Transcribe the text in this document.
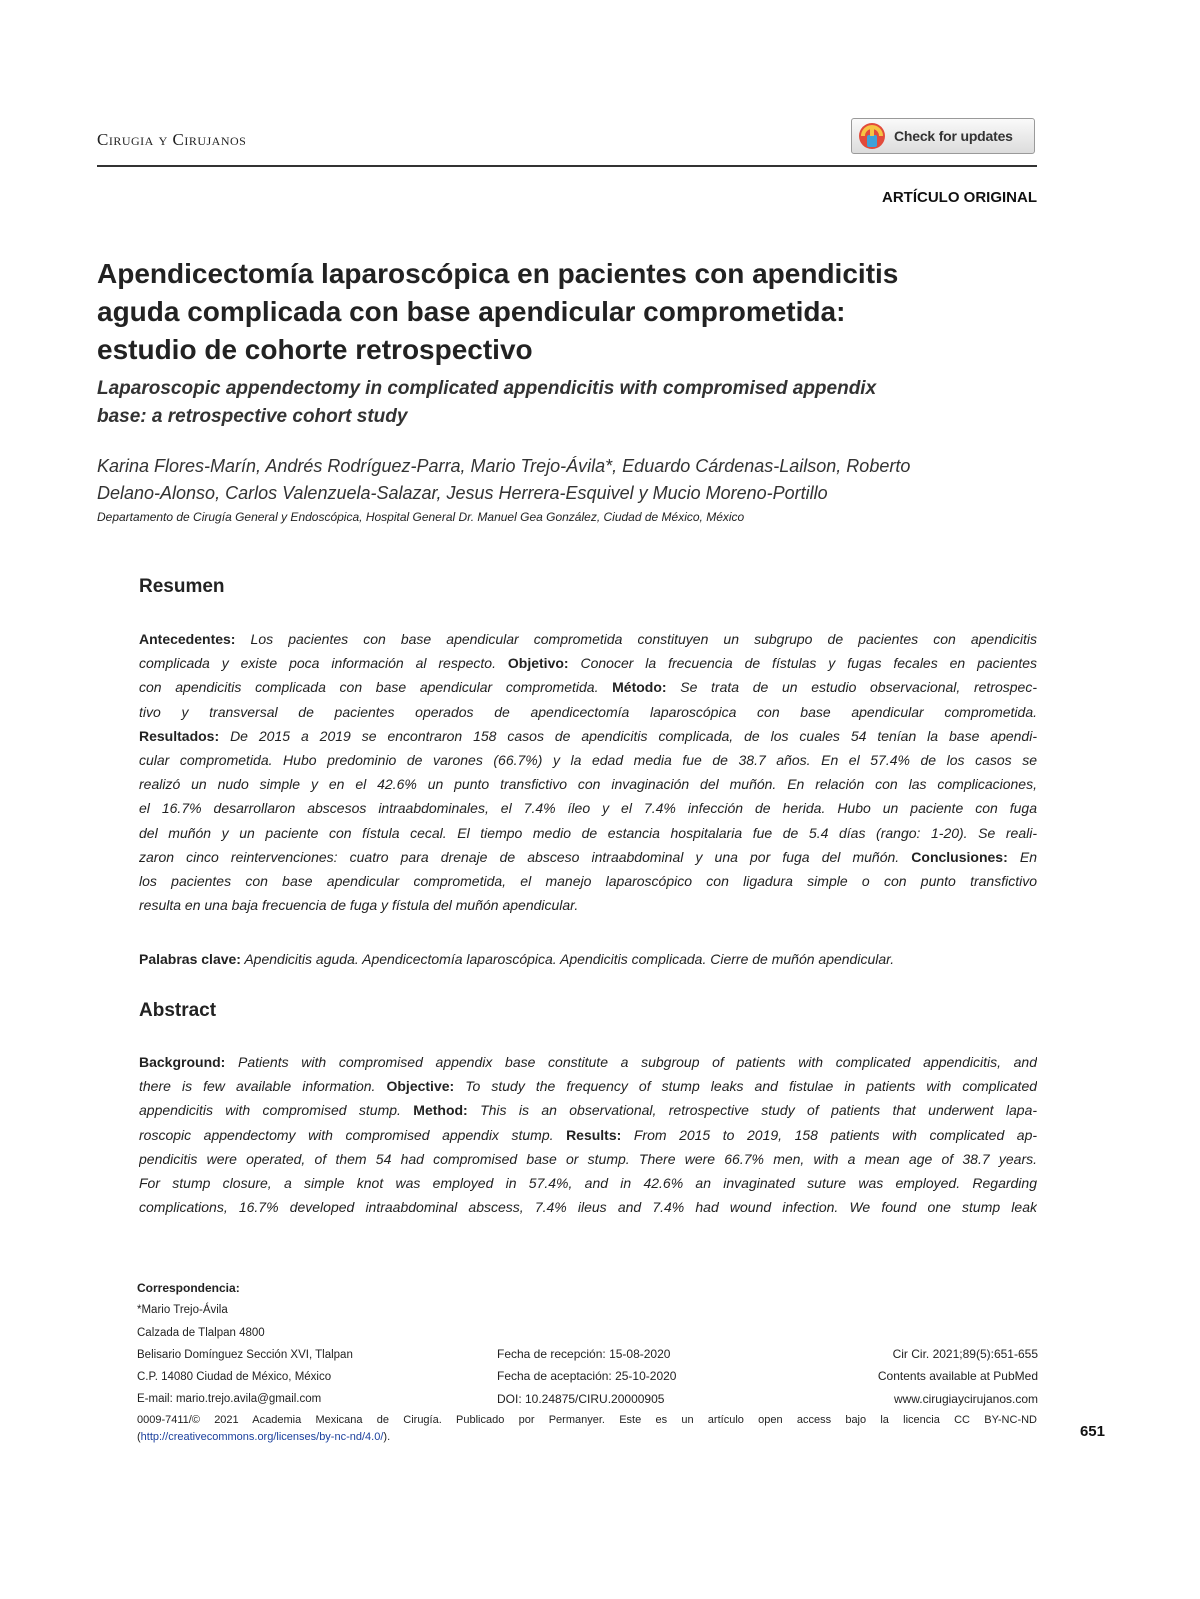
Cirugia y Cirujanos	Check for updates
ARTÍCULO ORIGINAL
Apendicectomía laparoscópica en pacientes con apendicitis
aguda complicada con base apendicular comprometida:
estudio de cohorte retrospectivo
Laparoscopic appendectomy in complicated appendicitis with compromised appendix
base: a retrospective cohort study
Karina Flores-Marín, Andrés Rodríguez-Parra, Mario Trejo-Ávila*, Eduardo Cárdenas-Lailson, Roberto
Delano-Alonso, Carlos Valenzuela-Salazar, Jesus Herrera-Esquivel y Mucio Moreno-Portillo
Departamento de Cirugía General y Endoscópica, Hospital General Dr. Manuel Gea González, Ciudad de México, México
Resumen
Antecedentes: Los pacientes con base apendicular comprometida constituyen un subgrupo de pacientes con apendicitis
complicada y existe poca información al respecto. Objetivo: Conocer la frecuencia de fístulas y fugas fecales en pacientes
con apendicitis complicada con base apendicular comprometida. Método: Se trata de un estudio observacional, retrospec-
tivo y transversal de pacientes operados de apendicectomía laparoscópica con base apendicular comprometida.
Resultados: De 2015 a 2019 se encontraron 158 casos de apendicitis complicada, de los cuales 54 tenían la base apendi-
cular comprometida. Hubo predominio de varones (66.7%) y la edad media fue de 38.7 años. En el 57.4% de los casos se
realizó un nudo simple y en el 42.6% un punto transfictivo con invaginación del muñón. En relación con las complicaciones,
el 16.7% desarrollaron abscesos intraabdominales, el 7.4% íleo y el 7.4% infección de herida. Hubo un paciente con fuga
del muñón y un paciente con fístula cecal. El tiempo medio de estancia hospitalaria fue de 5.4 días (rango: 1-20). Se reali-
zaron cinco reintervenciones: cuatro para drenaje de absceso intraabdominal y una por fuga del muñón. Conclusiones: En
los pacientes con base apendicular comprometida, el manejo laparoscópico con ligadura simple o con punto transfictivo
resulta en una baja frecuencia de fuga y fístula del muñón apendicular.
Palabras clave: Apendicitis aguda. Apendicectomía laparoscópica. Apendicitis complicada. Cierre de muñón apendicular.
Abstract
Background: Patients with compromised appendix base constitute a subgroup of patients with complicated appendicitis, and
there is few available information. Objective: To study the frequency of stump leaks and fistulae in patients with complicated
appendicitis with compromised stump. Method: This is an observational, retrospective study of patients that underwent lapa-
roscopic appendectomy with compromised appendix stump. Results: From 2015 to 2019, 158 patients with complicated ap-
pendicitis were operated, of them 54 had compromised base or stump. There were 66.7% men, with a mean age of 38.7 years.
For stump closure, a simple knot was employed in 57.4%, and in 42.6% an invaginated suture was employed. Regarding
complications, 16.7% developed intraabdominal abscess, 7.4% ileus and 7.4% had wound infection. We found one stump leak
Correspondencia:
*Mario Trejo-Ávila
Calzada de Tlalpan 4800
Belisario Domínguez Sección XVI, Tlalpan
C.P. 14080 Ciudad de México, México
E-mail: mario.trejo.avila@gmail.com
Fecha de recepción: 15-08-2020
Fecha de aceptación: 25-10-2020
DOI: 10.24875/CIRU.20000905
Cir Cir. 2021;89(5):651-655
Contents available at PubMed
www.cirugiaycirujanos.com
0009-7411/© 2021 Academia Mexicana de Cirugía. Publicado por Permanyer. Este es un artículo open access bajo la licencia CC BY-NC-ND
(http://creativecommons.org/licenses/by-nc-nd/4.0/).	651
